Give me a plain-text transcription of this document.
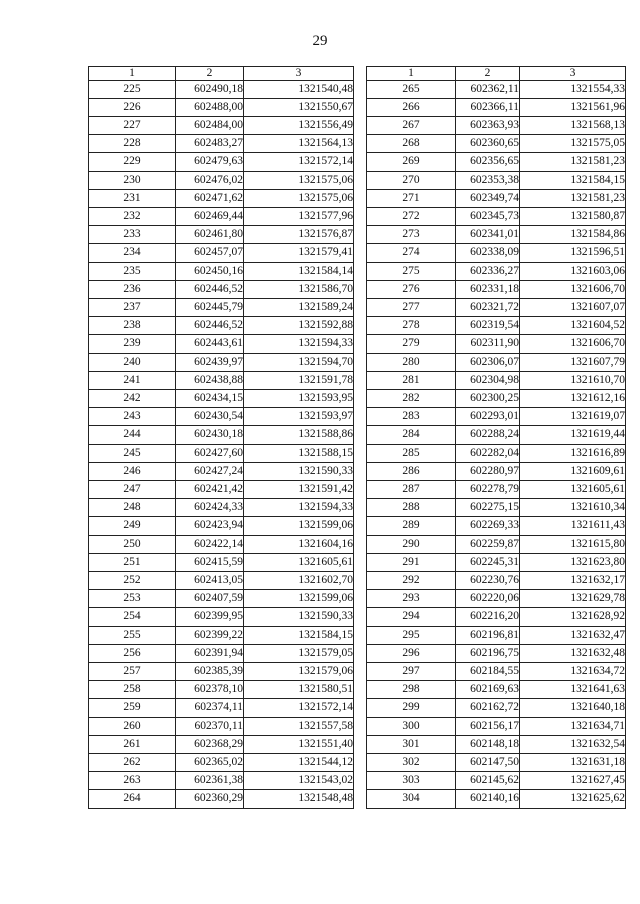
29
1	2	3
225	602490,18	1321540,48
226	602488,00	1321550,67
227	602484,00	1321556,49
228	602483,27	1321564,13
229	602479,63	1321572,14
230	602476,02	1321575,06
231	602471,62	1321575,06
232	602469,44	1321577,96
233	602461,80	1321576,87
234	602457,07	1321579,41
235	602450,16	1321584,14
236	602446,52	1321586,70
237	602445,79	1321589,24
238	602446,52	1321592,88
239	602443,61	1321594,33
240	602439,97	1321594,70
241	602438,88	1321591,78
242	602434,15	1321593,95
243	602430,54	1321593,97
244	602430,18	1321588,86
245	602427,60	1321588,15
246	602427,24	1321590,33
247	602421,42	1321591,42
248	602424,33	1321594,33
249	602423,94	1321599,06
250	602422,14	1321604,16
251	602415,59	1321605,61
252	602413,05	1321602,70
253	602407,59	1321599,06
254	602399,95	1321590,33
255	602399,22	1321584,15
256	602391,94	1321579,05
257	602385,39	1321579,06
258	602378,10	1321580,51
259	602374,11	1321572,14
260	602370,11	1321557,58
261	602368,29	1321551,40
262	602365,02	1321544,12
263	602361,38	1321543,02
264	602360,29	1321548,48
1	2	3
265	602362,11	1321554,33
266	602366,11	1321561,96
267	602363,93	1321568,13
268	602360,65	1321575,05
269	602356,65	1321581,23
270	602353,38	1321584,15
271	602349,74	1321581,23
272	602345,73	1321580,87
273	602341,01	1321584,86
274	602338,09	1321596,51
275	602336,27	1321603,06
276	602331,18	1321606,70
277	602321,72	1321607,07
278	602319,54	1321604,52
279	602311,90	1321606,70
280	602306,07	1321607,79
281	602304,98	1321610,70
282	602300,25	1321612,16
283	602293,01	1321619,07
284	602288,24	1321619,44
285	602282,04	1321616,89
286	602280,97	1321609,61
287	602278,79	1321605,61
288	602275,15	1321610,34
289	602269,33	1321611,43
290	602259,87	1321615,80
291	602245,31	1321623,80
292	602230,76	1321632,17
293	602220,06	1321629,78
294	602216,20	1321628,92
295	602196,81	1321632,47
296	602196,75	1321632,48
297	602184,55	1321634,72
298	602169,63	1321641,63
299	602162,72	1321640,18
300	602156,17	1321634,71
301	602148,18	1321632,54
302	602147,50	1321631,18
303	602145,62	1321627,45
304	602140,16	1321625,62
